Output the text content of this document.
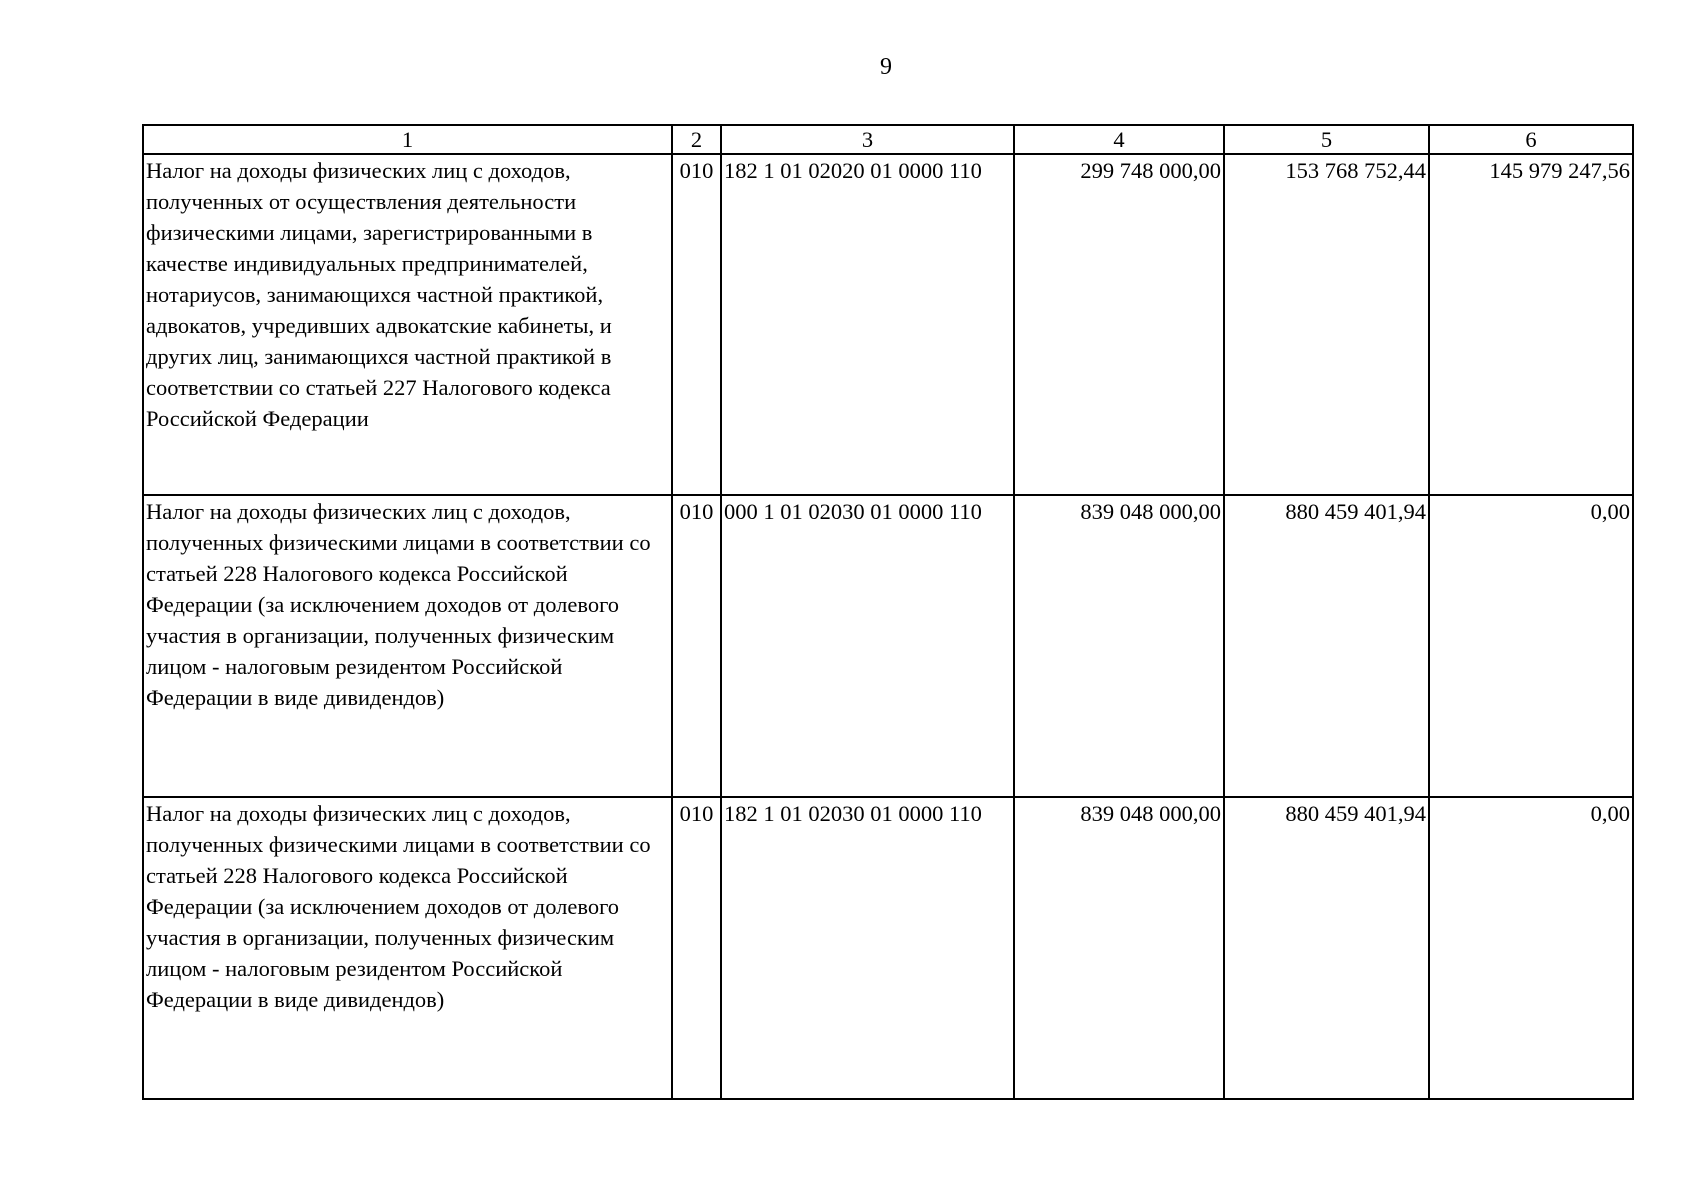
9
1	2	3	4	5	6
Налог на доходы физических лиц с доходов, полученных от осуществления деятельности физическими лицами, зарегистрированными в качестве индивидуальных предпринимателей, нотариусов, занимающихся частной практикой, адвокатов, учредивших адвокатские кабинеты, и других лиц, занимающихся частной практикой в соответствии со статьей 227 Налогового кодекса Российской Федерации	010	182 1 01 02020 01 0000 110	299 748 000,00	153 768 752,44	145 979 247,56
Налог на доходы физических лиц с доходов, полученных физическими лицами в соответствии со статьей 228 Налогового кодекса Российской Федерации (за исключением доходов от долевого участия в организации, полученных физическим лицом - налоговым резидентом Российской Федерации в виде дивидендов)	010	000 1 01 02030 01 0000 110	839 048 000,00	880 459 401,94	0,00
Налог на доходы физических лиц с доходов, полученных физическими лицами в соответствии со статьей 228 Налогового кодекса Российской Федерации (за исключением доходов от долевого участия в организации, полученных физическим лицом - налоговым резидентом Российской Федерации в виде дивидендов)	010	182 1 01 02030 01 0000 110	839 048 000,00	880 459 401,94	0,00
